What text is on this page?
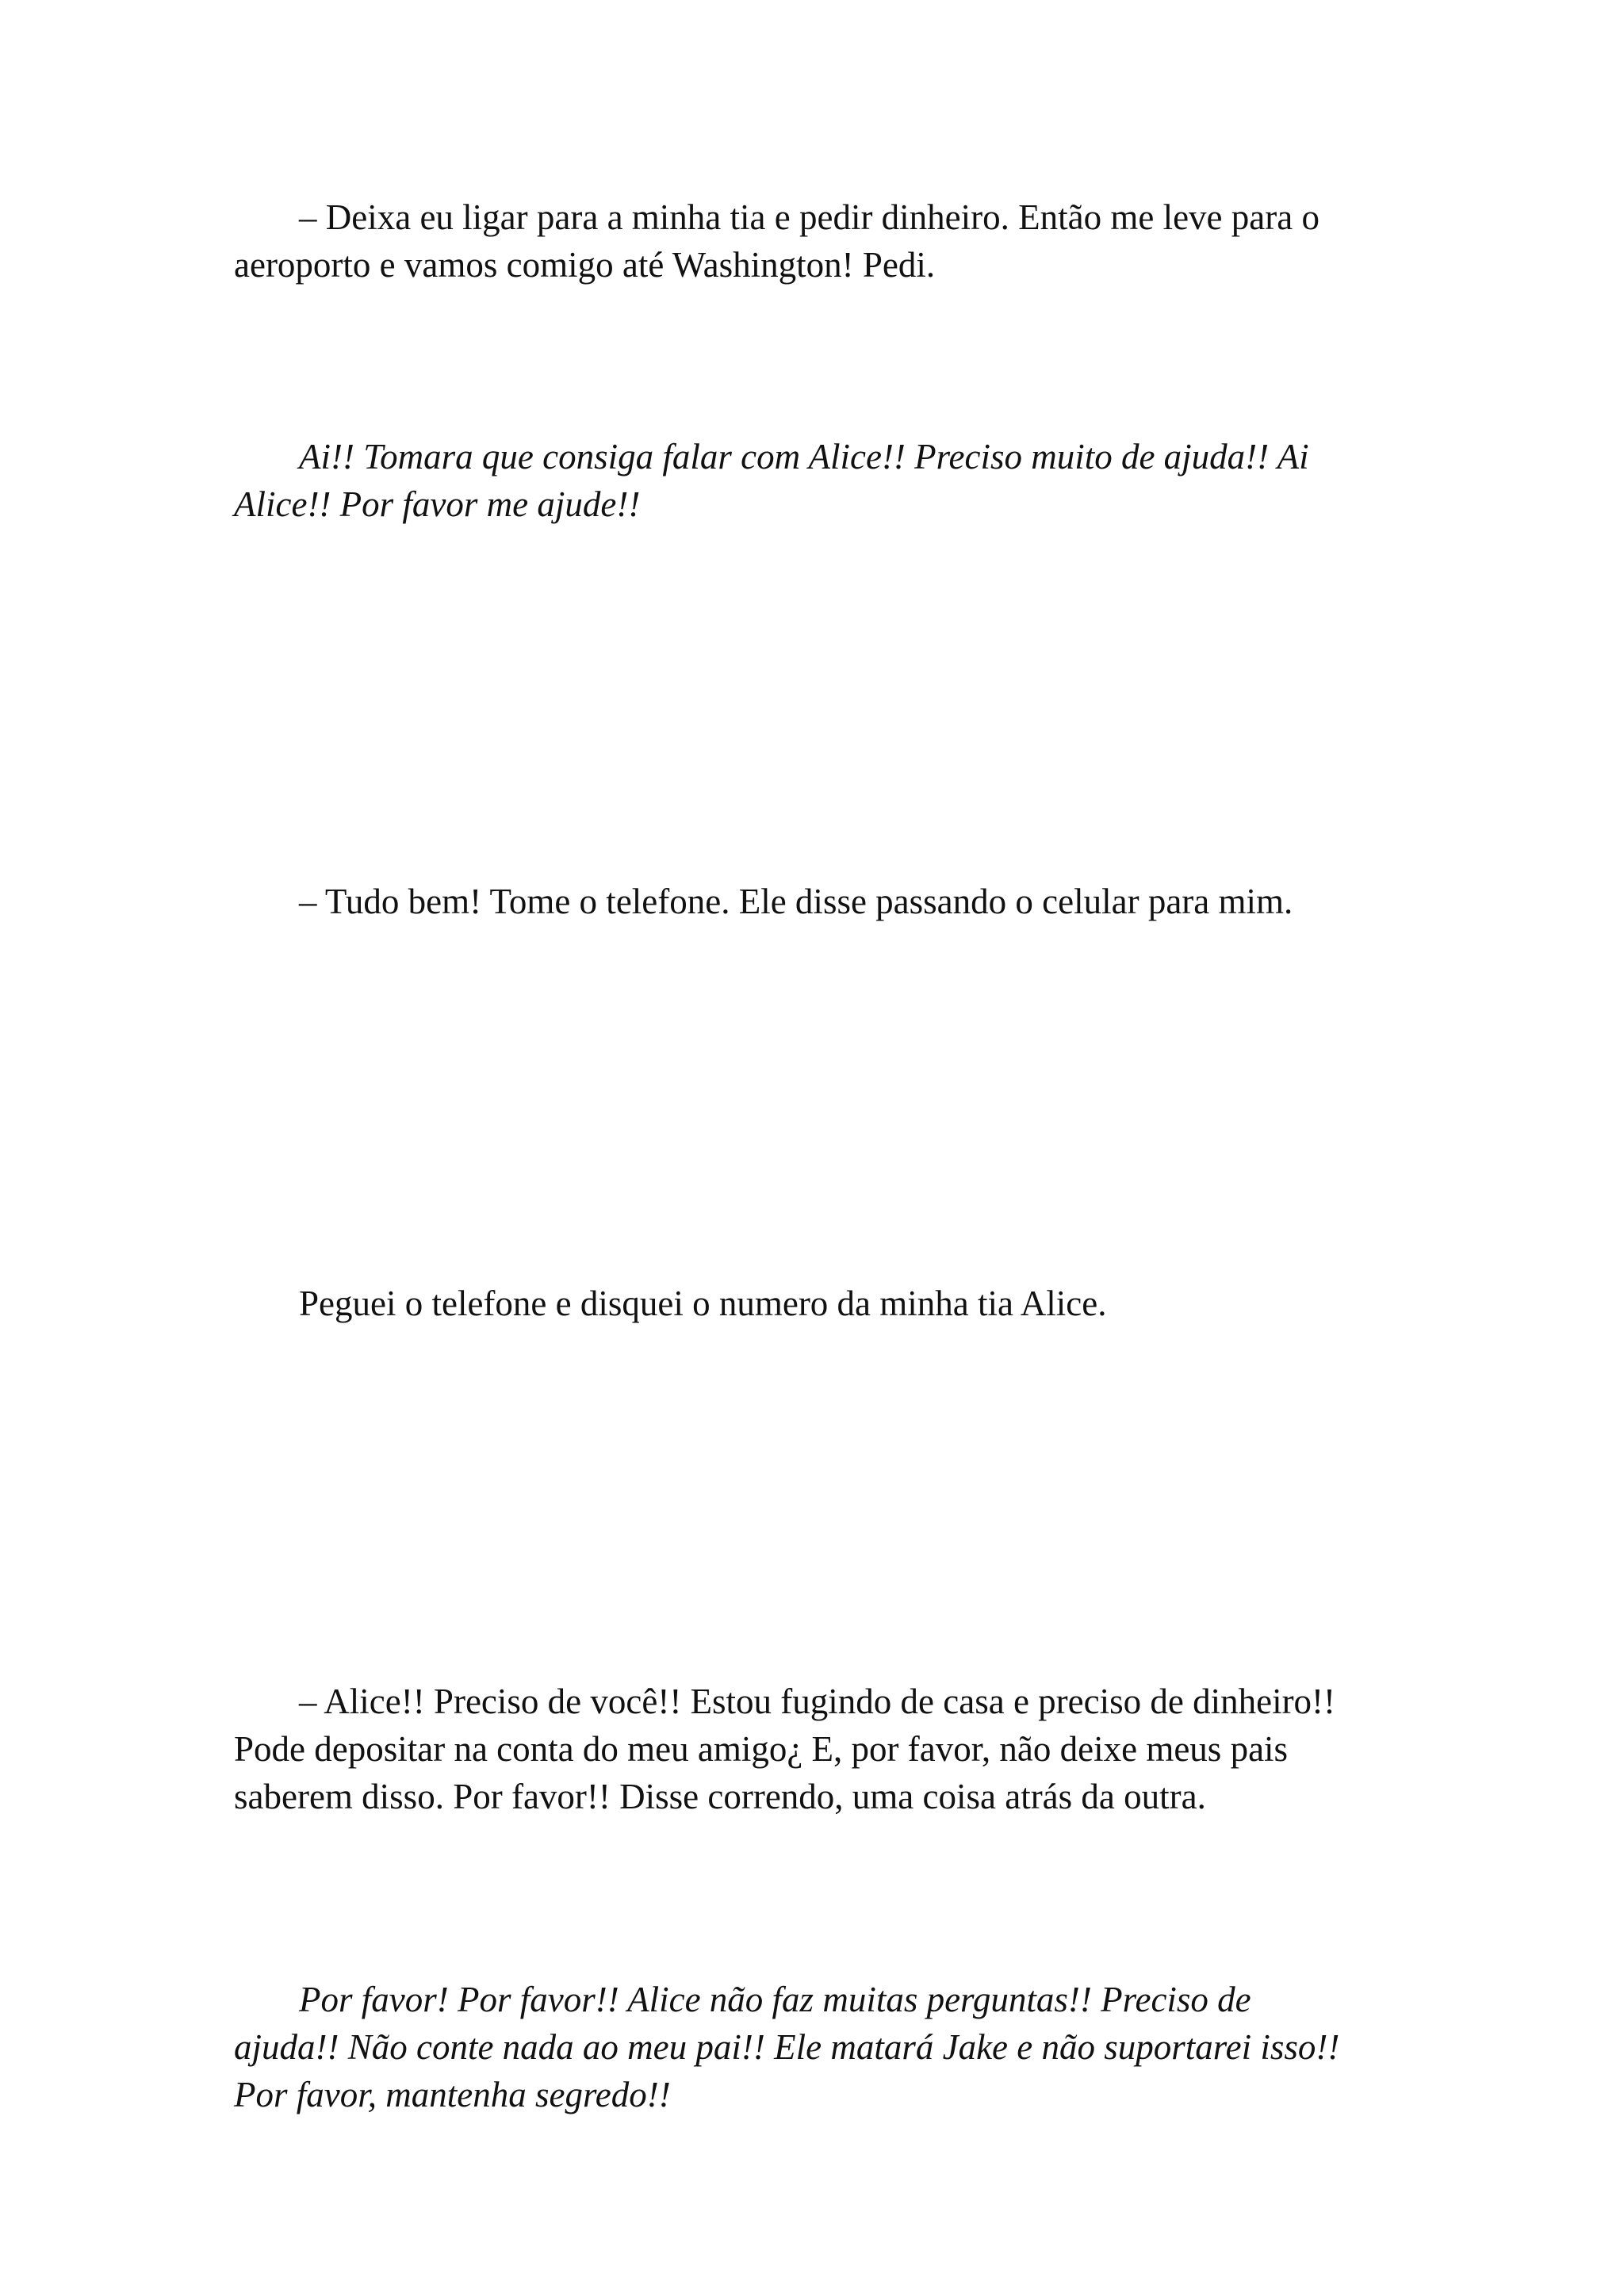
– Deixa eu ligar para a minha tia e pedir dinheiro. Então me leve para o
aeroporto e vamos comigo até Washington! Pedi.

Ai!! Tomara que consiga falar com Alice!! Preciso muito de ajuda!! Ai
Alice!! Por favor me ajude!!

– Tudo bem! Tome o telefone. Ele disse passando o celular para mim.

Peguei o telefone e disquei o numero da minha tia Alice.

– Alice!! Preciso de você!! Estou fugindo de casa e preciso de dinheiro!!
Pode depositar na conta do meu amigo¿ E, por favor, não deixe meus pais
saberem disso. Por favor!! Disse correndo, uma coisa atrás da outra.

Por favor! Por favor!! Alice não faz muitas perguntas!! Preciso de
ajuda!! Não conte nada ao meu pai!! Ele matará Jake e não suportarei isso!!
Por favor, mantenha segredo!!
